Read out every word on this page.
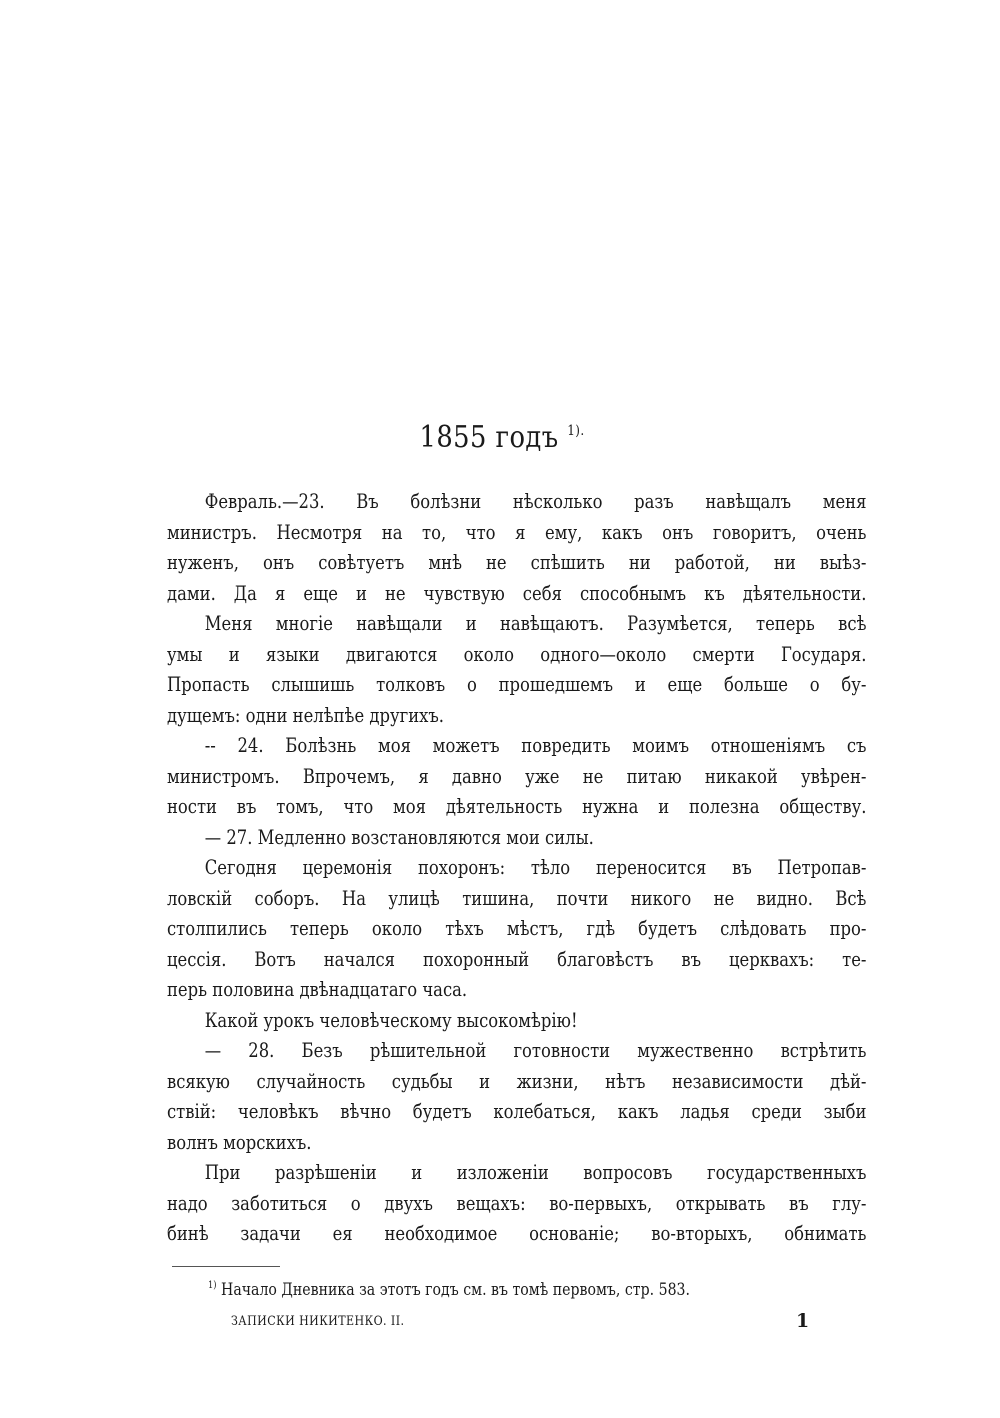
1855 годъ $^{1).}$
Февраль.—23. Въ болѣзни нѣсколько разъ навѣщалъ меня
министръ. Несмотря на то, что я ему, какъ онъ говоритъ, очень
нуженъ, онъ совѣтуетъ мнѣ не спѣшить ни работой, ни выѣз-
дами. Да я еще и не чувствую себя способнымъ къ дѣятельности.
Меня многіе навѣщали и навѣщаютъ. Разумѣется, теперь всѣ
умы и языки двигаются около одного—около смерти Государя.
Пропасть слышишь толковъ о прошедшемъ и еще больше о бу-
дущемъ: одни нелѣпѣе другихъ.
-- 24. Болѣзнь моя можетъ повредить моимъ отношеніямъ съ
министромъ. Впрочемъ, я давно уже не питаю никакой увѣрен-
ности въ томъ, что моя дѣятельность нужна и полезна обществу.
— 27. Медленно возстановляются мои силы.
Сегодня церемонія похоронъ: тѣло переносится въ Петропав-
ловскій соборъ. На улицѣ тишина, почти никого не видно. Всѣ
столпились теперь около тѣхъ мѣстъ, гдѣ будетъ слѣдовать про-
цессія. Вотъ начался похоронный благовѣстъ въ церквахъ: те-
перь половина двѣнадцатаго часа.
Какой урокъ человѣческому высокомѣрію!
— 28. Безъ рѣшительной готовности мужественно встрѣтить
всякую случайность судьбы и жизни, нѣтъ независимости дѣй-
ствій: человѣкъ вѣчно будетъ колебаться, какъ ладья среди зыби
волнъ морскихъ.
При разрѣшеніи и изложеніи вопросовъ государственныхъ
надо заботиться о двухъ вещахъ: во-первыхъ, открывать въ глу-
бинѣ задачи ея необходимое основаніе; во-вторыхъ, обнимать
$^{1)}$ Начало Дневника за этотъ годъ см. въ томѣ первомъ, стр. 583.
ЗАПИСКИ НИКИТЕНКО. II.	1
